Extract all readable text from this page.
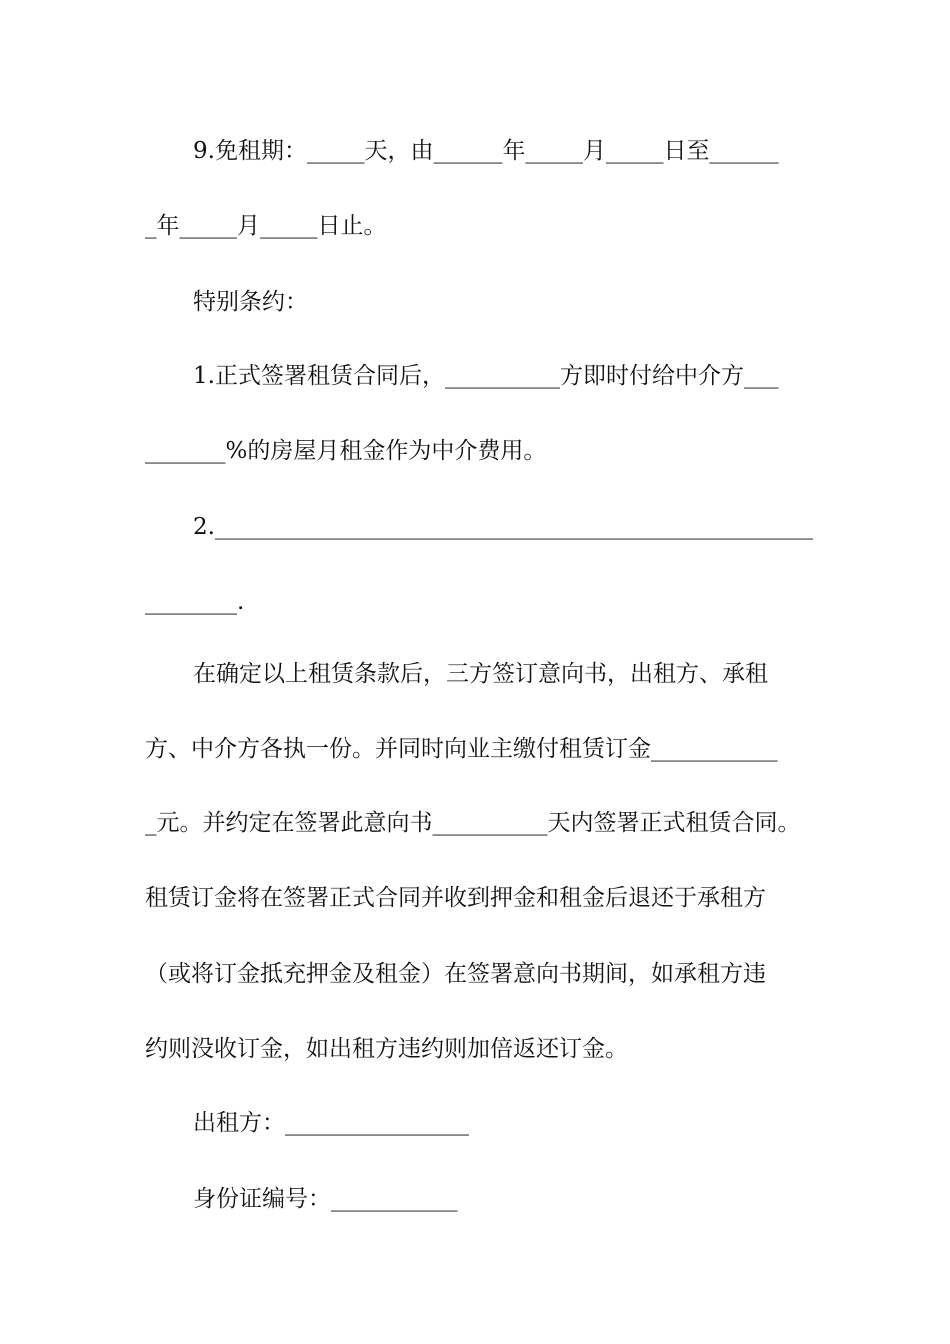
9.免租期：_____天，由______年_____月_____日至______
_年_____月_____日止。
特别条约：
1.正式签署租赁合同后，__________方即时付给中介方___
_______%的房屋月租金作为中介费用。
2.____________________________________________________
________.
在确定以上租赁条款后，三方签订意向书，出租方、承租
方、中介方各执一份。并同时向业主缴付租赁订金___________
_元。并约定在签署此意向书__________天内签署正式租赁合同。
租赁订金将在签署正式合同并收到押金和租金后退还于承租方
（或将订金抵充押金及租金）在签署意向书期间，如承租方违
约则没收订金，如出租方违约则加倍返还订金。
出租方：________________
身份证编号：___________
